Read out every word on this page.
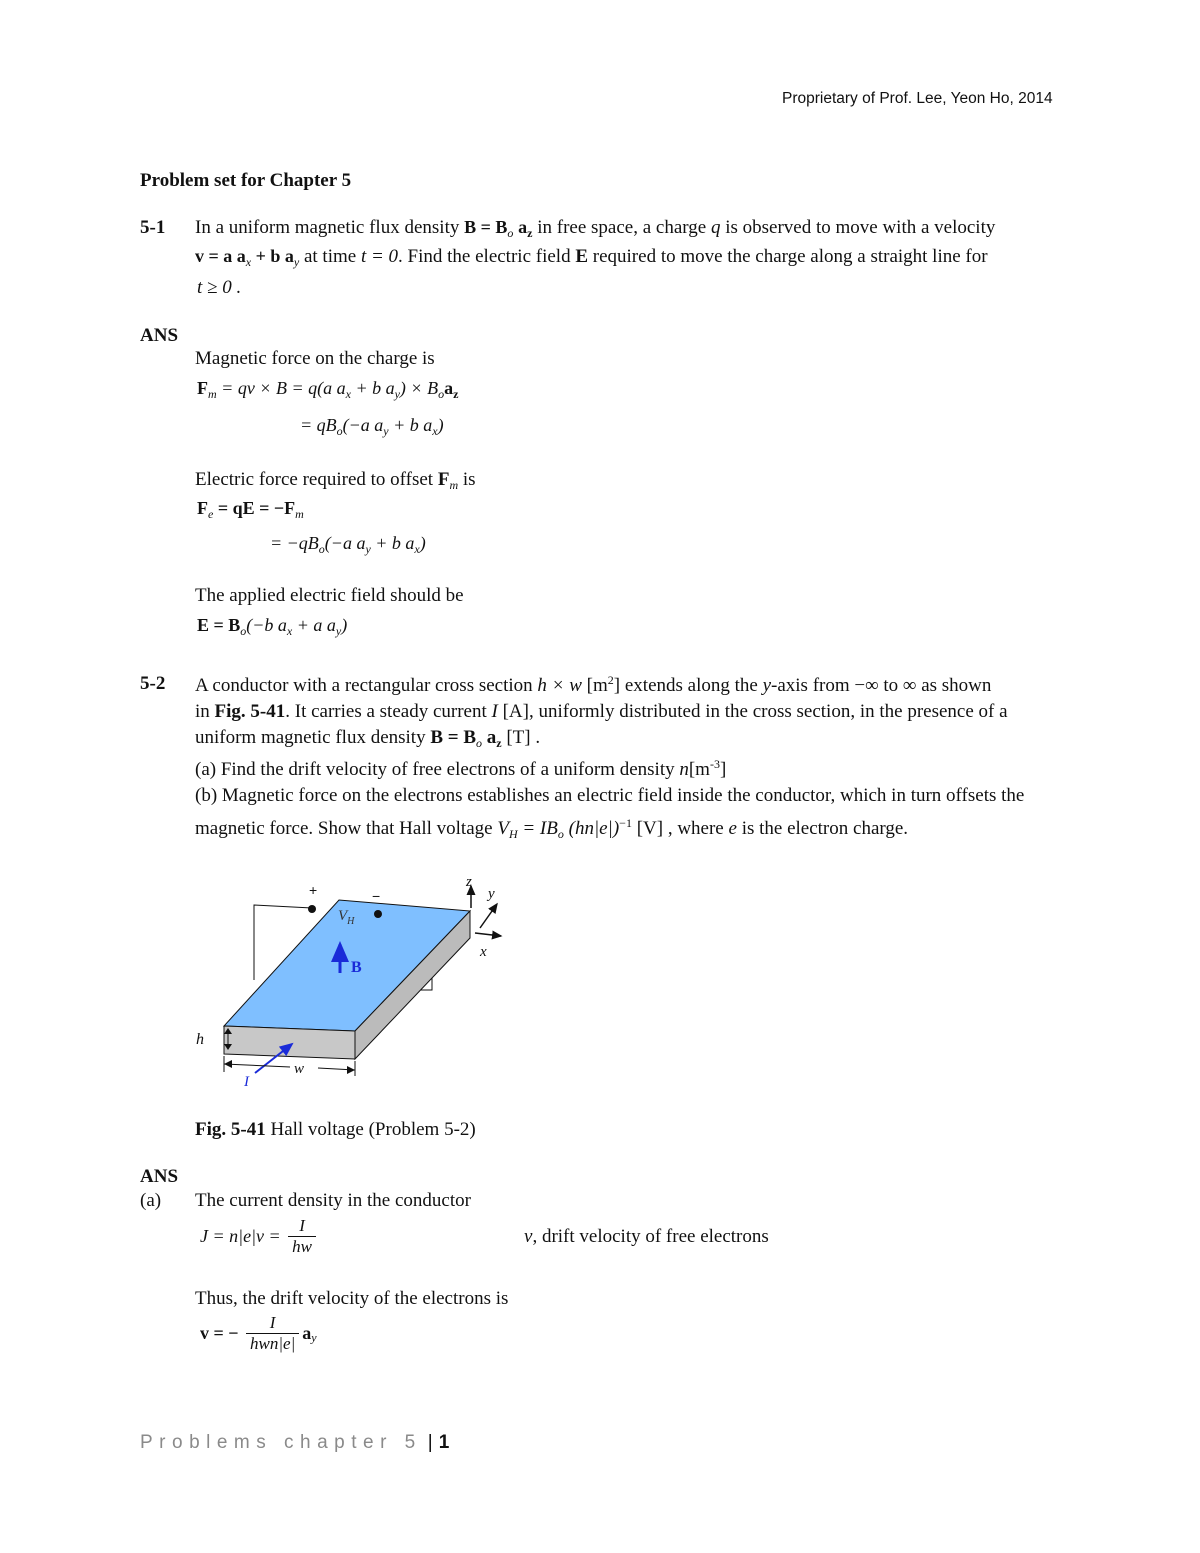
Proprietary of Prof. Lee, Yeon Ho, 2014
Problem set for Chapter 5
5-1 In a uniform magnetic flux density $B = B_o$ $a_z$ in free space, a charge q is observed to move with a velocity
v = a $a_x + b$ $a_y$ at time t = 0. Find the electric field E required to move the charge along a straight line for
t ≥ 0 .
ANS
Magnetic force on the charge is
$F_m$ = qv × B = q(a $a_x + b$ $a_y) \times B_oa_z$
= $qB_o(-a$ $a_y + b$ $a_x$)
Electric force required to offset $F_m$ is
$F_e$ = qE = $-F_m$
= $-qB_o(-a$ $a_y + b$ $a_x$)
The applied electric field should be
$E = B_o(-b$ $a_x + a$ $a_y$)
5-2 A conductor with a rectangular cross section h × w $[m^2]$ extends along the y-axis from −∞ to ∞ as shown
in Fig. 5-41. It carries a steady current I [A], uniformly distributed in the cross section, in the presence of a
uniform magnetic flux density $B = B_o$ $a_z$ [T] .
(a) Find the drift velocity of free electrons of a uniform density $n[m^{-3}]$
(b) Magnetic force on the electrons establishes an electric field inside the conductor, which in turn offsets the
magnetic force. Show that Hall voltage $V_H = IB_o$ $(hn|e|)^{-1}$ [V] , where e is the electron charge.
+	−
$V_H$
B
z
y
x
h
w
I
Fig. 5-41 Hall voltage (Problem 5-2)
ANS
(a) The current density in the conductor
$J = n|e|v = \frac{I}{hw}$	v, drift velocity of free electrons
Thus, the drift velocity of the electrons is
v = − $\frac{I}{\text{hwn|e|}} a_y$
Problems chapter 5 | 1
